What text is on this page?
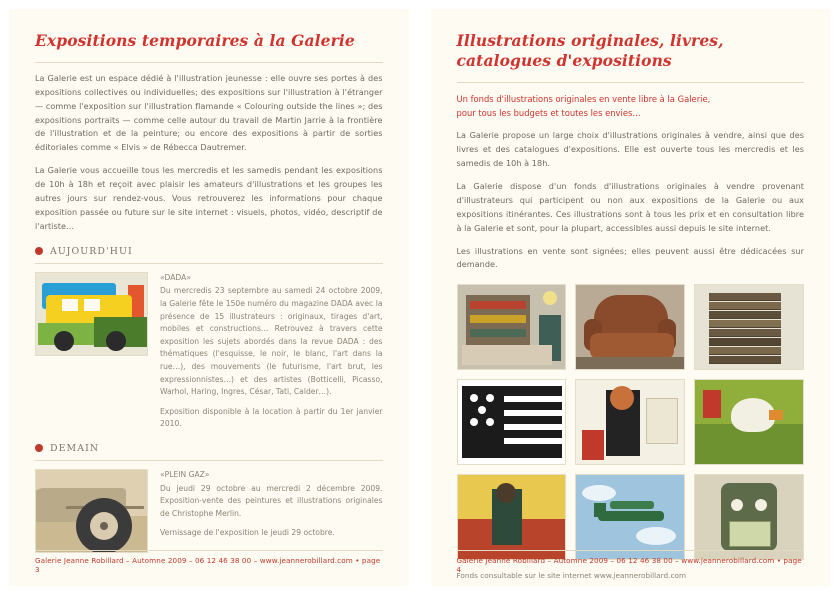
Expositions temporaires à la Galerie

La Galerie est un espace dédié à l'illustration jeunesse : elle ouvre ses portes à des expositions collectives ou individuelles; des expositions sur l'illustration à l'étranger — comme l'exposition sur l'illustration flamande « Colouring outside the lines »; des expositions portraits — comme celle autour du travail de Martin Jarrie à la frontière de l'illustration et de la peinture; ou encore des expositions à partir de sorties éditoriales comme « Elvis » de Rébecca Dautremer.

La Galerie vous accueille tous les mercredis et les samedis pendant les expositions de 10h à 18h et reçoit avec plaisir les amateurs d'illustrations et les groupes les autres jours sur rendez-vous. Vous retrouverez les informations pour chaque exposition passée ou future sur le site internet : visuels, photos, vidéo, descriptif de l'artiste…

AUJOURD'HUI
«DADA»
Du mercredis 23 septembre au samedi 24 octobre 2009, la Galerie fête le 150e numéro du magazine DADA avec la présence de 15 illustrateurs : originaux, tirages d'art, mobiles et constructions… Retrouvez à travers cette exposition les sujets abordés dans la revue DADA : des thématiques (l'esquisse, le noir, le blanc, l'art dans la rue…), des mouvements (le futurisme, l'art brut, les expressionnistes…) et des artistes (Botticelli, Picasso, Warhol, Haring, Ingres, César, Tati, Calder…).
Exposition disponible à la location à partir du 1er janvier 2010.
DEMAIN
«PLEIN GAZ»
Du jeudi 29 octobre au mercredi 2 décembre 2009. Exposition-vente des peintures et illustrations originales de Christophe Merlin.
Vernissage de l'exposition le jeudi 29 octobre.
Galerie Jeanne Robillard – Automne 2009 – 06 12 46 38 00 – www.jeannerobillard.com • page 3
Illustrations originales, livres,
catalogues d'expositions
Un fonds d'illustrations originales en vente libre à la Galerie,
pour tous les budgets et toutes les envies…

La Galerie propose un large choix d'illustrations originales à vendre, ainsi que des livres et des catalogues d'expositions. Elle est ouverte tous les mercredis et les samedis de 10h à 18h.

La Galerie dispose d'un fonds d'illustrations originales à vendre provenant d'illustrateurs qui participent ou non aux expositions de la Galerie ou aux expositions itinérantes. Ces illustrations sont à tous les prix et en consultation libre à la Galerie et sont, pour la plupart, accessibles aussi depuis le site internet.

Les illustrations en vente sont signées; elles peuvent aussi être dédicacées sur demande.

Fonds consultable sur le site internet www.jeannerobillard.com
Galerie Jeanne Robillard – Automne 2009 – 06 12 46 38 00 – www.jeannerobillard.com • page 4
